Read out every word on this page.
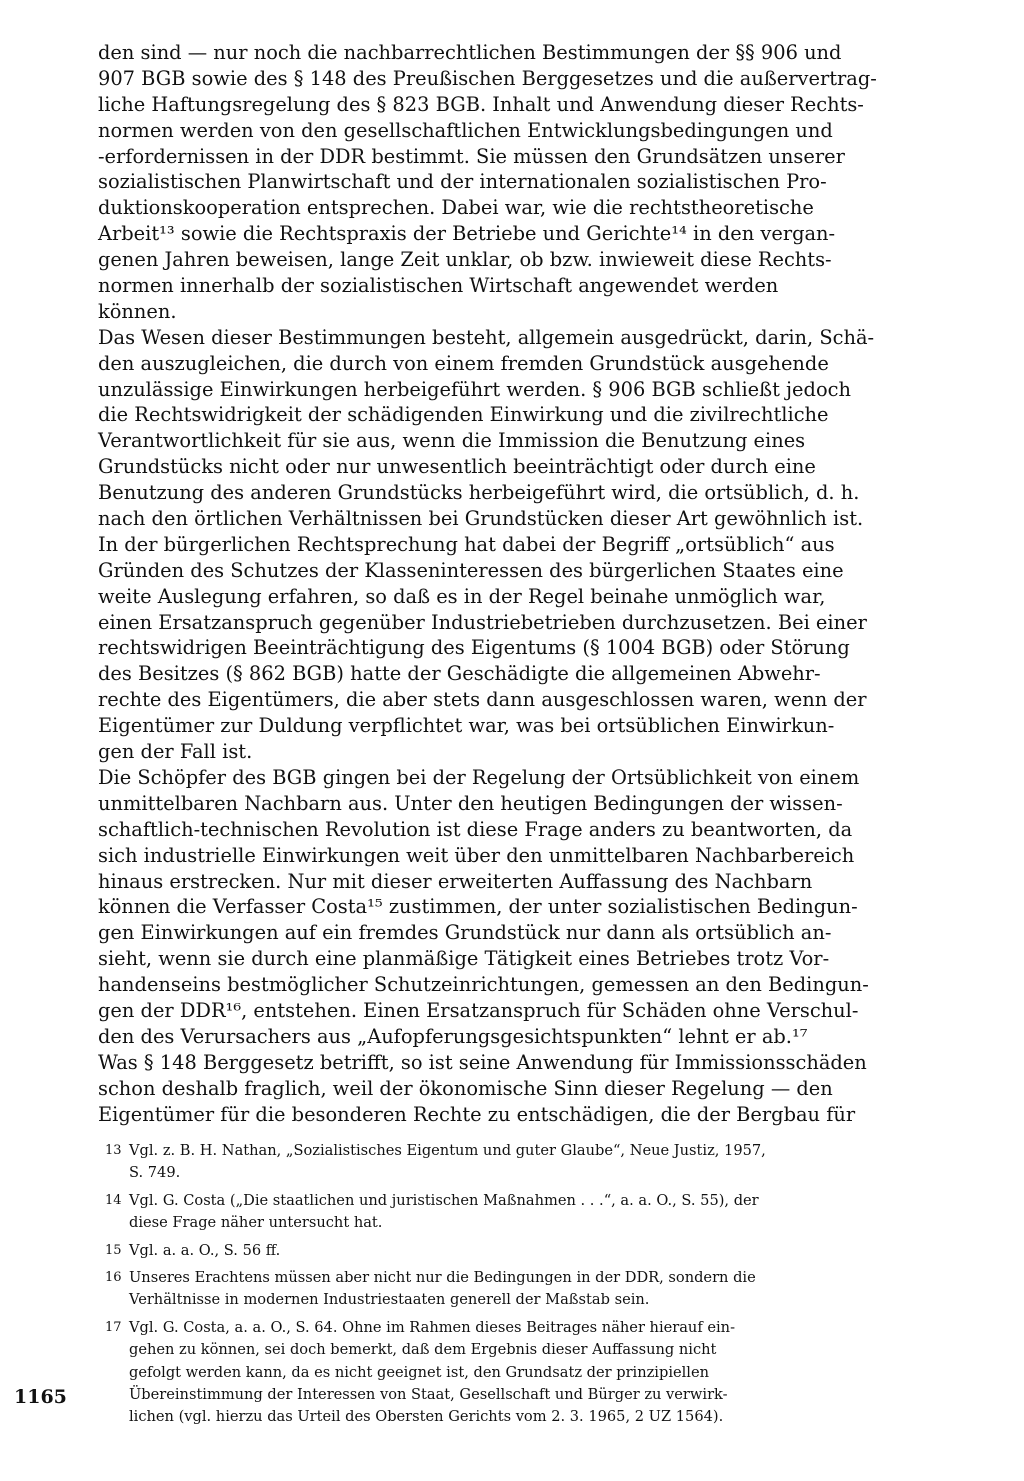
den sind — nur noch die nachbarrechtlichen Bestimmungen der §§ 906 und
907 BGB sowie des § 148 des Preußischen Berggesetzes und die außervertrag-
liche Haftungsregelung des § 823 BGB. Inhalt und Anwendung dieser Rechts-
normen werden von den gesellschaftlichen Entwicklungsbedingungen und
-erfordernissen in der DDR bestimmt. Sie müssen den Grundsätzen unserer
sozialistischen Planwirtschaft und der internationalen sozialistischen Pro-
duktionskooperation entsprechen. Dabei war, wie die rechtstheoretische
Arbeit¹³ sowie die Rechtspraxis der Betriebe und Gerichte¹⁴ in den vergan-
genen Jahren beweisen, lange Zeit unklar, ob bzw. inwieweit diese Rechts-
normen innerhalb der sozialistischen Wirtschaft angewendet werden
können.
Das Wesen dieser Bestimmungen besteht, allgemein ausgedrückt, darin, Schä-
den auszugleichen, die durch von einem fremden Grundstück ausgehende
unzulässige Einwirkungen herbeigeführt werden. § 906 BGB schließt jedoch
die Rechtswidrigkeit der schädigenden Einwirkung und die zivilrechtliche
Verantwortlichkeit für sie aus, wenn die Immission die Benutzung eines
Grundstücks nicht oder nur unwesentlich beeinträchtigt oder durch eine
Benutzung des anderen Grundstücks herbeigeführt wird, die ortsüblich, d. h.
nach den örtlichen Verhältnissen bei Grundstücken dieser Art gewöhnlich ist.
In der bürgerlichen Rechtsprechung hat dabei der Begriff „ortsüblich“ aus
Gründen des Schutzes der Klasseninteressen des bürgerlichen Staates eine
weite Auslegung erfahren, so daß es in der Regel beinahe unmöglich war,
einen Ersatzanspruch gegenüber Industriebetrieben durchzusetzen. Bei einer
rechtswidrigen Beeinträchtigung des Eigentums (§ 1004 BGB) oder Störung
des Besitzes (§ 862 BGB) hatte der Geschädigte die allgemeinen Abwehr-
rechte des Eigentümers, die aber stets dann ausgeschlossen waren, wenn der
Eigentümer zur Duldung verpflichtet war, was bei ortsüblichen Einwirkun-
gen der Fall ist.
Die Schöpfer des BGB gingen bei der Regelung der Ortsüblichkeit von einem
unmittelbaren Nachbarn aus. Unter den heutigen Bedingungen der wissen-
schaftlich-technischen Revolution ist diese Frage anders zu beantworten, da
sich industrielle Einwirkungen weit über den unmittelbaren Nachbarbereich
hinaus erstrecken. Nur mit dieser erweiterten Auffassung des Nachbarn
können die Verfasser Costa¹⁵ zustimmen, der unter sozialistischen Bedingun-
gen Einwirkungen auf ein fremdes Grundstück nur dann als ortsüblich an-
sieht, wenn sie durch eine planmäßige Tätigkeit eines Betriebes trotz Vor-
handenseins bestmöglicher Schutzeinrichtungen, gemessen an den Bedingun-
gen der DDR¹⁶, entstehen. Einen Ersatzanspruch für Schäden ohne Verschul-
den des Verursachers aus „Aufopferungsgesichtspunkten“ lehnt er ab.¹⁷
Was § 148 Berggesetz betrifft, so ist seine Anwendung für Immissionsschäden
schon deshalb fraglich, weil der ökonomische Sinn dieser Regelung — den
Eigentümer für die besonderen Rechte zu entschädigen, die der Bergbau für
13 Vgl. z. B. H. Nathan, „Sozialistisches Eigentum und guter Glaube“, Neue Justiz, 1957,
S. 749.
14 Vgl. G. Costa („Die staatlichen und juristischen Maßnahmen . . .“, a. a. O., S. 55), der
diese Frage näher untersucht hat.
15 Vgl. a. a. O., S. 56 ff.
16 Unseres Erachtens müssen aber nicht nur die Bedingungen in der DDR, sondern die
Verhältnisse in modernen Industriestaaten generell der Maßstab sein.
17 Vgl. G. Costa, a. a. O., S. 64. Ohne im Rahmen dieses Beitrages näher hierauf ein-
gehen zu können, sei doch bemerkt, daß dem Ergebnis dieser Auffassung nicht
gefolgt werden kann, da es nicht geeignet ist, den Grundsatz der prinzipiellen
Übereinstimmung der Interessen von Staat, Gesellschaft und Bürger zu verwirk-
lichen (vgl. hierzu das Urteil des Obersten Gerichts vom 2. 3. 1965, 2 UZ 1564).
1165
